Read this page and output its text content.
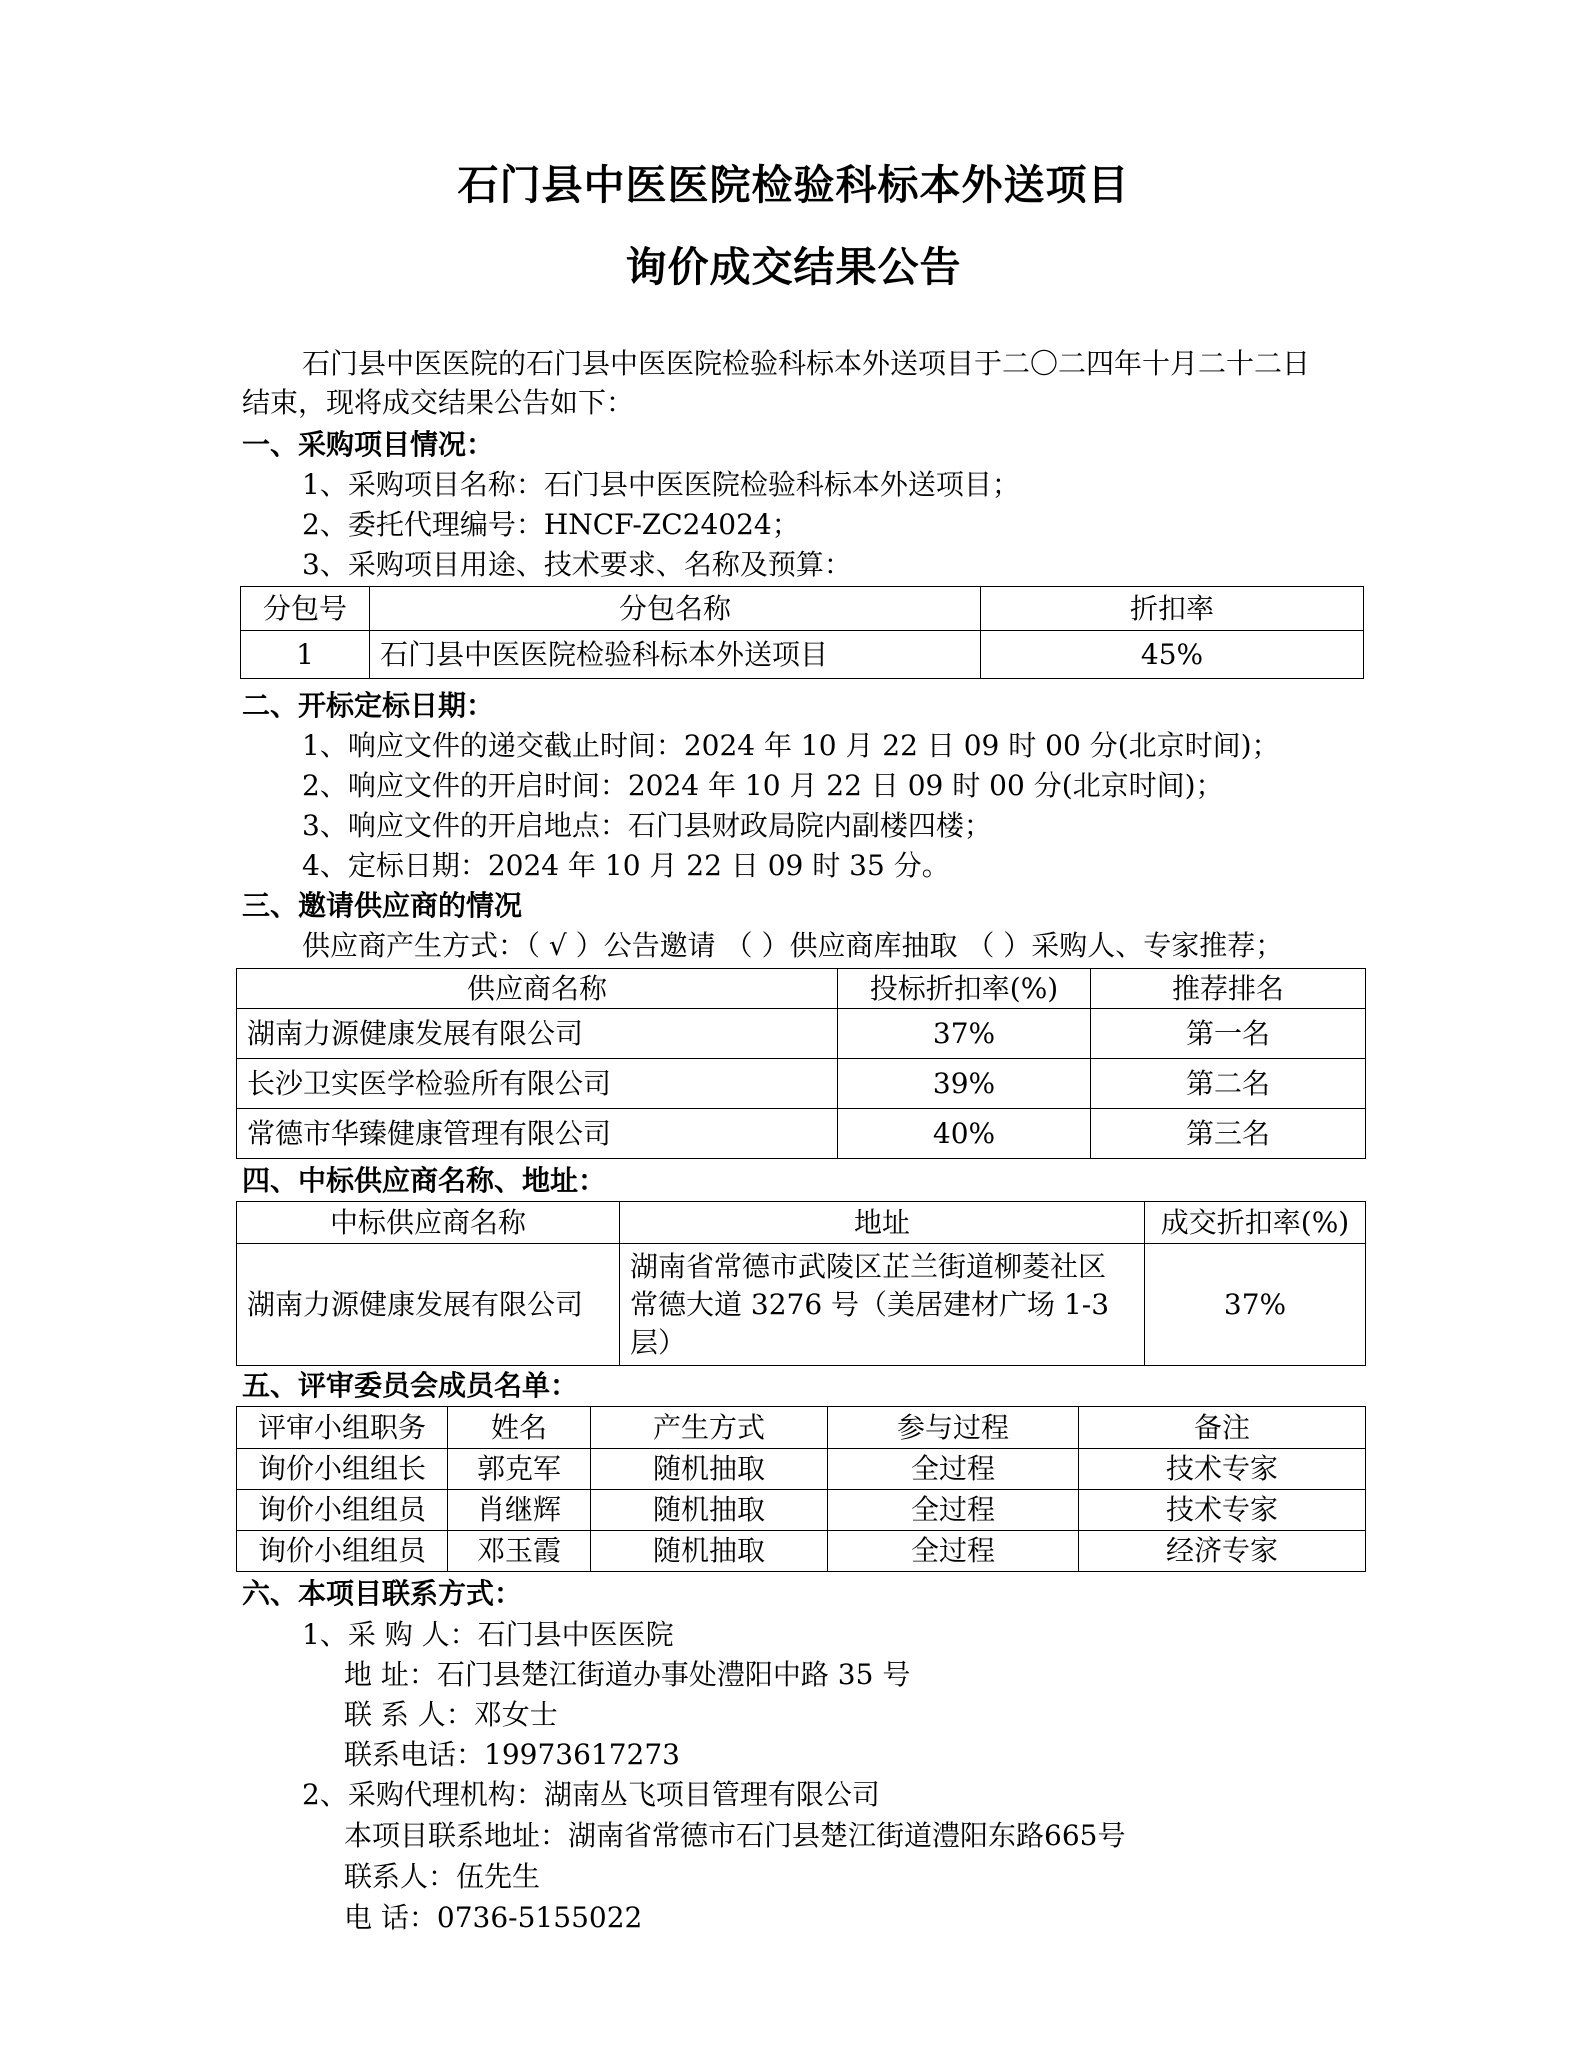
石门县中医医院检验科标本外送项目
询价成交结果公告
石门县中医医院的石门县中医医院检验科标本外送项目于二〇二四年十月二十二日
结束，现将成交结果公告如下：
一、采购项目情况：
1、采购项目名称：石门县中医医院检验科标本外送项目；
2、委托代理编号：HNCF-ZC24024；
3、采购项目用途、技术要求、名称及预算：
分包号	分包名称	折扣率
1	石门县中医医院检验科标本外送项目	45%
二、开标定标日期：
1、响应文件的递交截止时间：2024 年 10 月 22 日 09 时 00 分(北京时间)；
2、响应文件的开启时间：2024 年 10 月 22 日 09 时 00 分(北京时间)；
3、响应文件的开启地点：石门县财政局院内副楼四楼；
4、定标日期：2024 年 10 月 22 日 09 时 35 分。
三、邀请供应商的情况
供应商产生方式：（ √ ）公告邀请 （ ）供应商库抽取 （ ）采购人、专家推荐；
供应商名称	投标折扣率(%)	推荐排名
湖南力源健康发展有限公司	37%	第一名
长沙卫实医学检验所有限公司	39%	第二名
常德市华臻健康管理有限公司	40%	第三名
四、中标供应商名称、地址：
中标供应商名称	地址	成交折扣率(%)
湖南力源健康发展有限公司	湖南省常德市武陵区芷兰街道柳菱社区
常德大道 3276 号（美居建材广场 1-3
层）	37%
五、评审委员会成员名单：
评审小组职务	姓名	产生方式	参与过程	备注
询价小组组长	郭克军	随机抽取	全过程	技术专家
询价小组组员	肖继辉	随机抽取	全过程	技术专家
询价小组组员	邓玉霞	随机抽取	全过程	经济专家
六、本项目联系方式：
1、采 购 人：石门县中医医院
地 址：石门县楚江街道办事处澧阳中路 35 号
联 系 人：邓女士
联系电话：19973617273
2、采购代理机构：湖南丛飞项目管理有限公司
本项目联系地址：湖南省常德市石门县楚江街道澧阳东路665号
联系人：伍先生
电 话：0736-5155022
